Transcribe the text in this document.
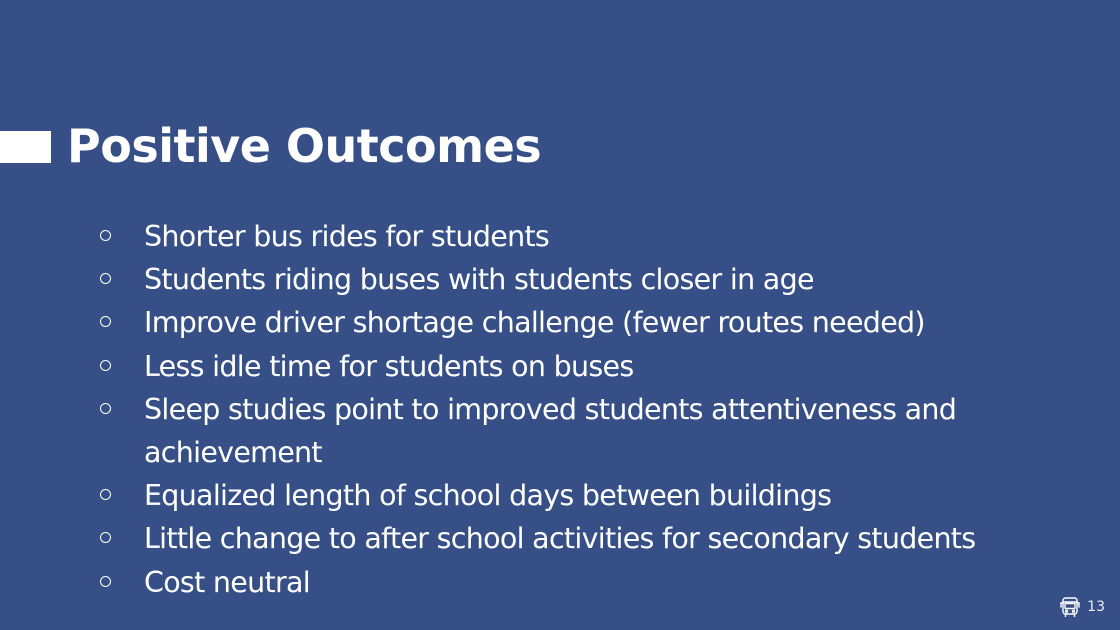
Positive Outcomes
Shorter bus rides for students
Students riding buses with students closer in age
Improve driver shortage challenge (fewer routes needed)
Less idle time for students on buses
Sleep studies point to improved students attentiveness and achievement
Equalized length of school days between buildings
Little change to after school activities for secondary students
Cost neutral
13
